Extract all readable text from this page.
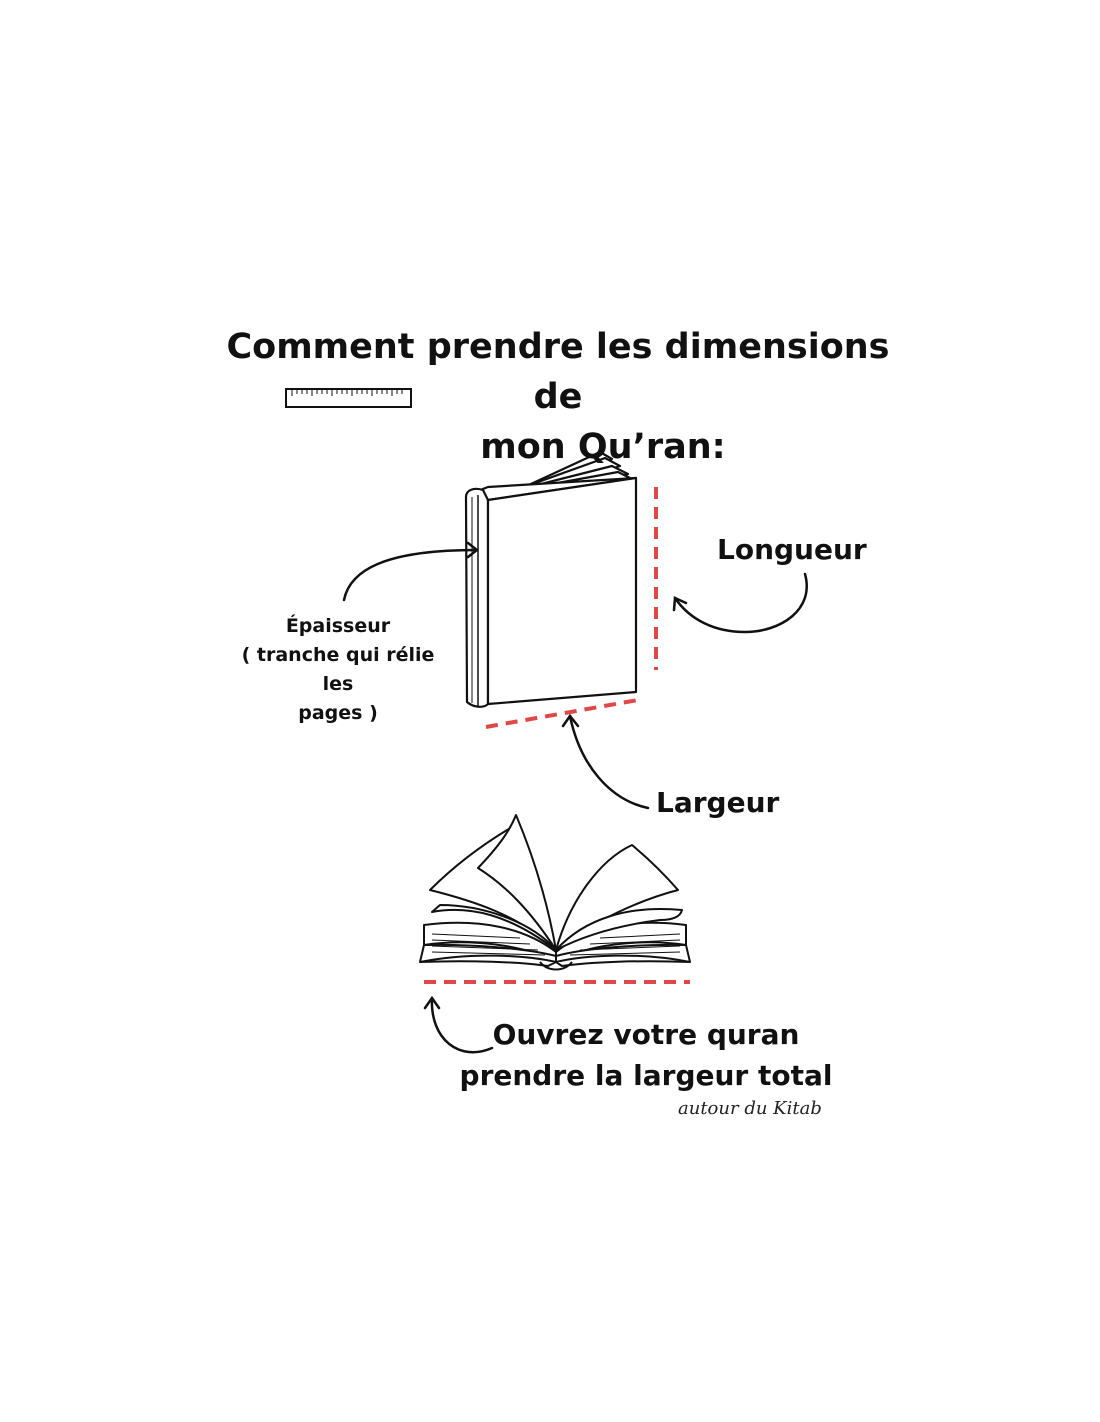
Comment prendre les dimensions de
mon Qu’ran:
Longueur
Largeur
Épaisseur
( tranche qui rélie les
pages )
Ouvrez votre quran
prendre la largeur total
autour du Kitab
